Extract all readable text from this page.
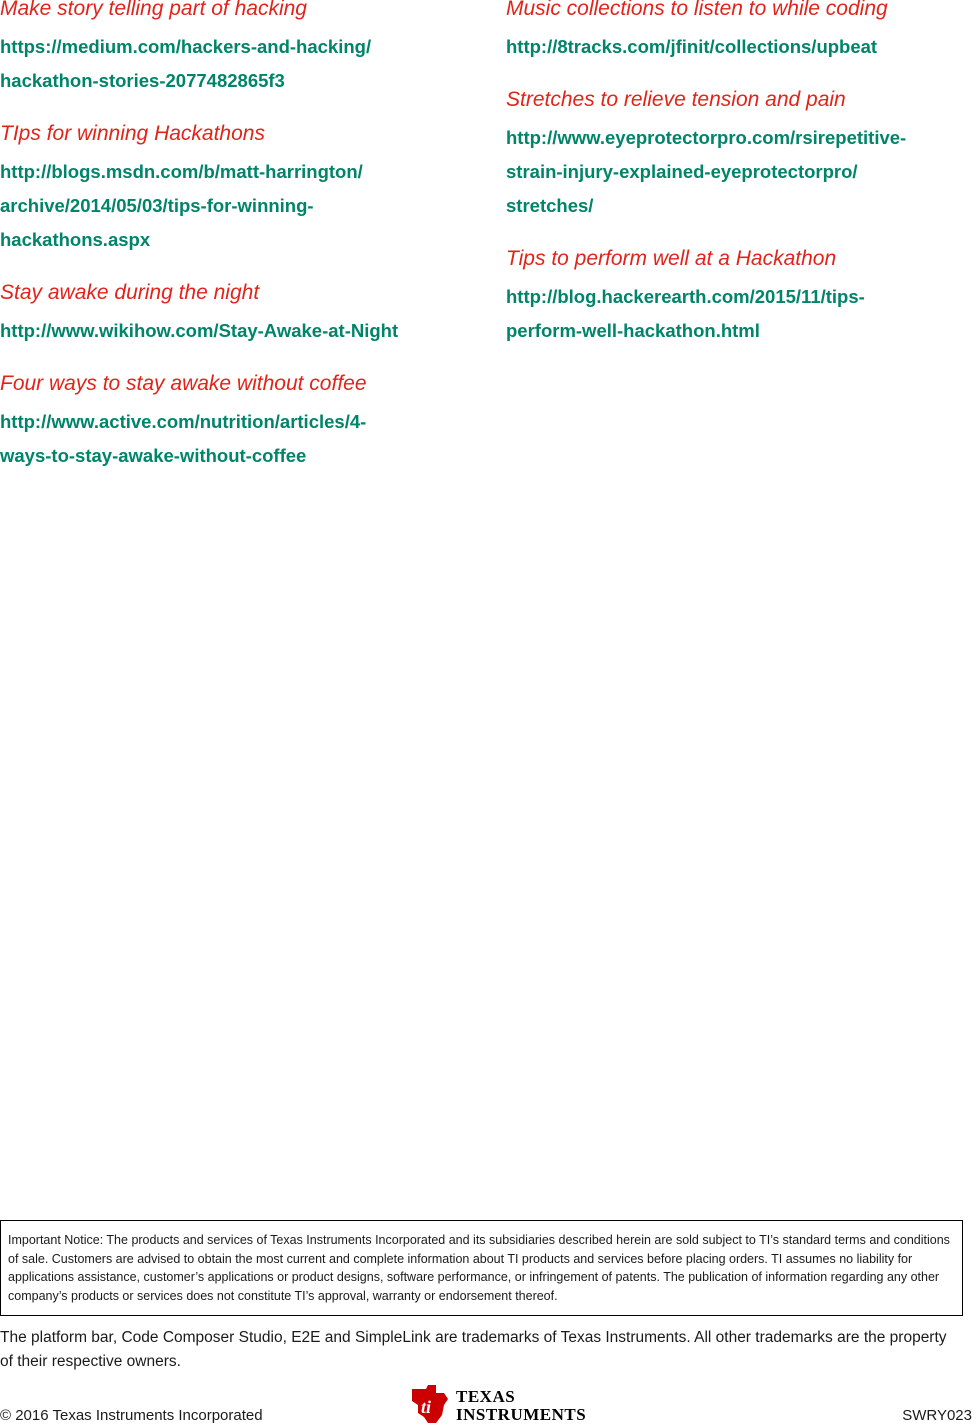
Make story telling part of hacking
https://medium.com/hackers-and-hacking/
hackathon-stories-2077482865f3
TIps for winning Hackathons
http://blogs.msdn.com/b/matt-harrington/
archive/2014/05/03/tips-for-winning-
hackathons.aspx
Stay awake during the night
http://www.wikihow.com/Stay-Awake-at-Night
Four ways to stay awake without coffee
http://www.active.com/nutrition/articles/4-
ways-to-stay-awake-without-coffee
Music collections to listen to while coding
http://8tracks.com/jfinit/collections/upbeat
Stretches to relieve tension and pain
http://www.eyeprotectorpro.com/rsirepetitive-
strain-injury-explained-eyeprotectorpro/
stretches/
Tips to perform well at a Hackathon
http://blog.hackerearth.com/2015/11/tips-
perform-well-hackathon.html
Important Notice: The products and services of Texas Instruments Incorporated and its subsidiaries described herein are sold subject to TI’s standard terms and conditions of sale. Customers are advised to obtain the most current and complete information about TI products and services before placing orders. TI assumes no liability for applications assistance, customer’s applications or product designs, software performance, or infringement of patents. The publication of information regarding any other company’s products or services does not constitute TI’s approval, warranty or endorsement thereof.
The platform bar, Code Composer Studio, E2E and SimpleLink are trademarks of Texas Instruments. All other trademarks are the property of their respective owners.
© 2016 Texas Instruments Incorporated	ti
TEXAS
INSTRUMENTS	SWRY023
